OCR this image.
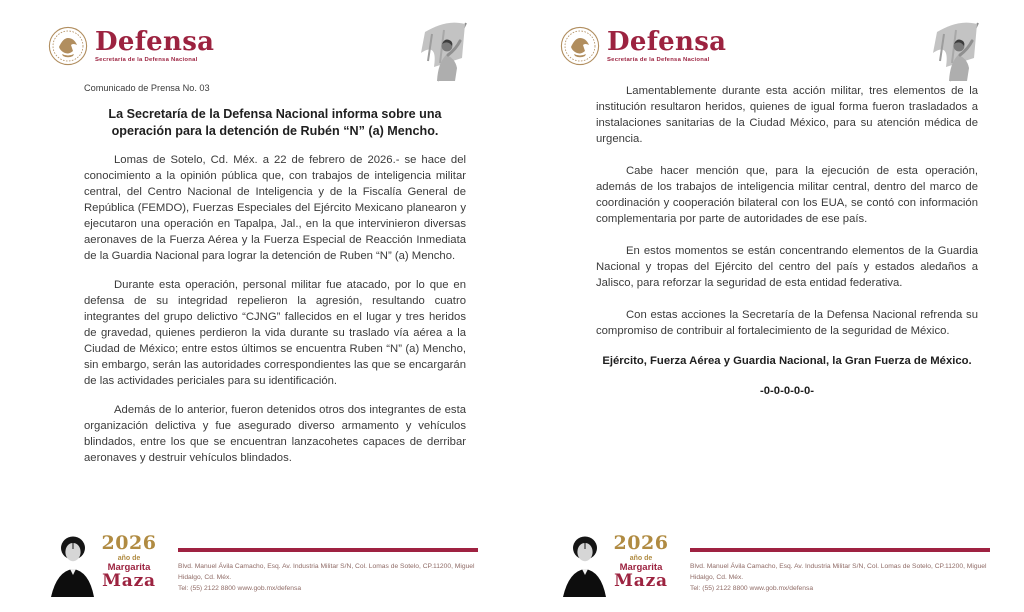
Defensa
Secretaría de la Defensa Nacional

Comunicado de Prensa No. 03

La Secretaría de la Defensa Nacional informa sobre una operación para la detención de Rubén “N” (a) Mencho.

Lomas de Sotelo, Cd. Méx. a 22 de febrero de 2026.- se hace del conocimiento a la opinión pública que, con trabajos de inteligencia militar central, del Centro Nacional de Inteligencia y de la Fiscalía General de República (FEMDO), Fuerzas Especiales del Ejército Mexicano planearon y ejecutaron una operación en Tapalpa, Jal., en la que intervinieron diversas aeronaves de la Fuerza Aérea y la Fuerza Especial de Reacción Inmediata de la Guardia Nacional para lograr la detención de Ruben “N” (a) Mencho.

Durante esta operación, personal militar fue atacado, por lo que en defensa de su integridad repelieron la agresión, resultando cuatro integrantes del grupo delictivo “CJNG” fallecidos en el lugar y tres heridos de gravedad, quienes perdieron la vida durante su traslado vía aérea a la Ciudad de México; entre estos últimos se encuentra Ruben “N” (a) Mencho, sin embargo, serán las autoridades correspondientes las que se encargarán de las actividades periciales para su identificación.

Además de lo anterior, fueron detenidos otros dos integrantes de esta organización delictiva y fue asegurado diverso armamento y vehículos blindados, entre los que se encuentran lanzacohetes capaces de derribar aeronaves y destruir vehículos blindados.

2026
año de
Margarita
Maza
Blvd. Manuel Ávila Camacho, Esq. Av. Industria Militar S/N, Col. Lomas de Sotelo, CP.11200, Miguel Hidalgo, Cd. Méx.
Tel: (55) 2122 8800 www.gob.mx/defensa
Defensa
Secretaría de la Defensa Nacional

Lamentablemente durante esta acción militar, tres elementos de la institución resultaron heridos, quienes de igual forma fueron trasladados a instalaciones sanitarias de la Ciudad México, para su atención médica de urgencia.

Cabe hacer mención que, para la ejecución de esta operación, además de los trabajos de inteligencia militar central, dentro del marco de coordinación y cooperación bilateral con los EUA, se contó con información complementaria por parte de autoridades de ese país.

En estos momentos se están concentrando elementos de la Guardia Nacional y tropas del Ejército del centro del país y estados aledaños a Jalisco, para reforzar la seguridad de esta entidad federativa.

Con estas acciones la Secretaría de la Defensa Nacional refrenda su compromiso de contribuir al fortalecimiento de la seguridad de México.

Ejército, Fuerza Aérea y Guardia Nacional, la Gran Fuerza de México.

-0-0-0-0-0-

2026
año de
Margarita
Maza
Blvd. Manuel Ávila Camacho, Esq. Av. Industria Militar S/N, Col. Lomas de Sotelo, CP.11200, Miguel Hidalgo, Cd. Méx.
Tel: (55) 2122 8800 www.gob.mx/defensa
